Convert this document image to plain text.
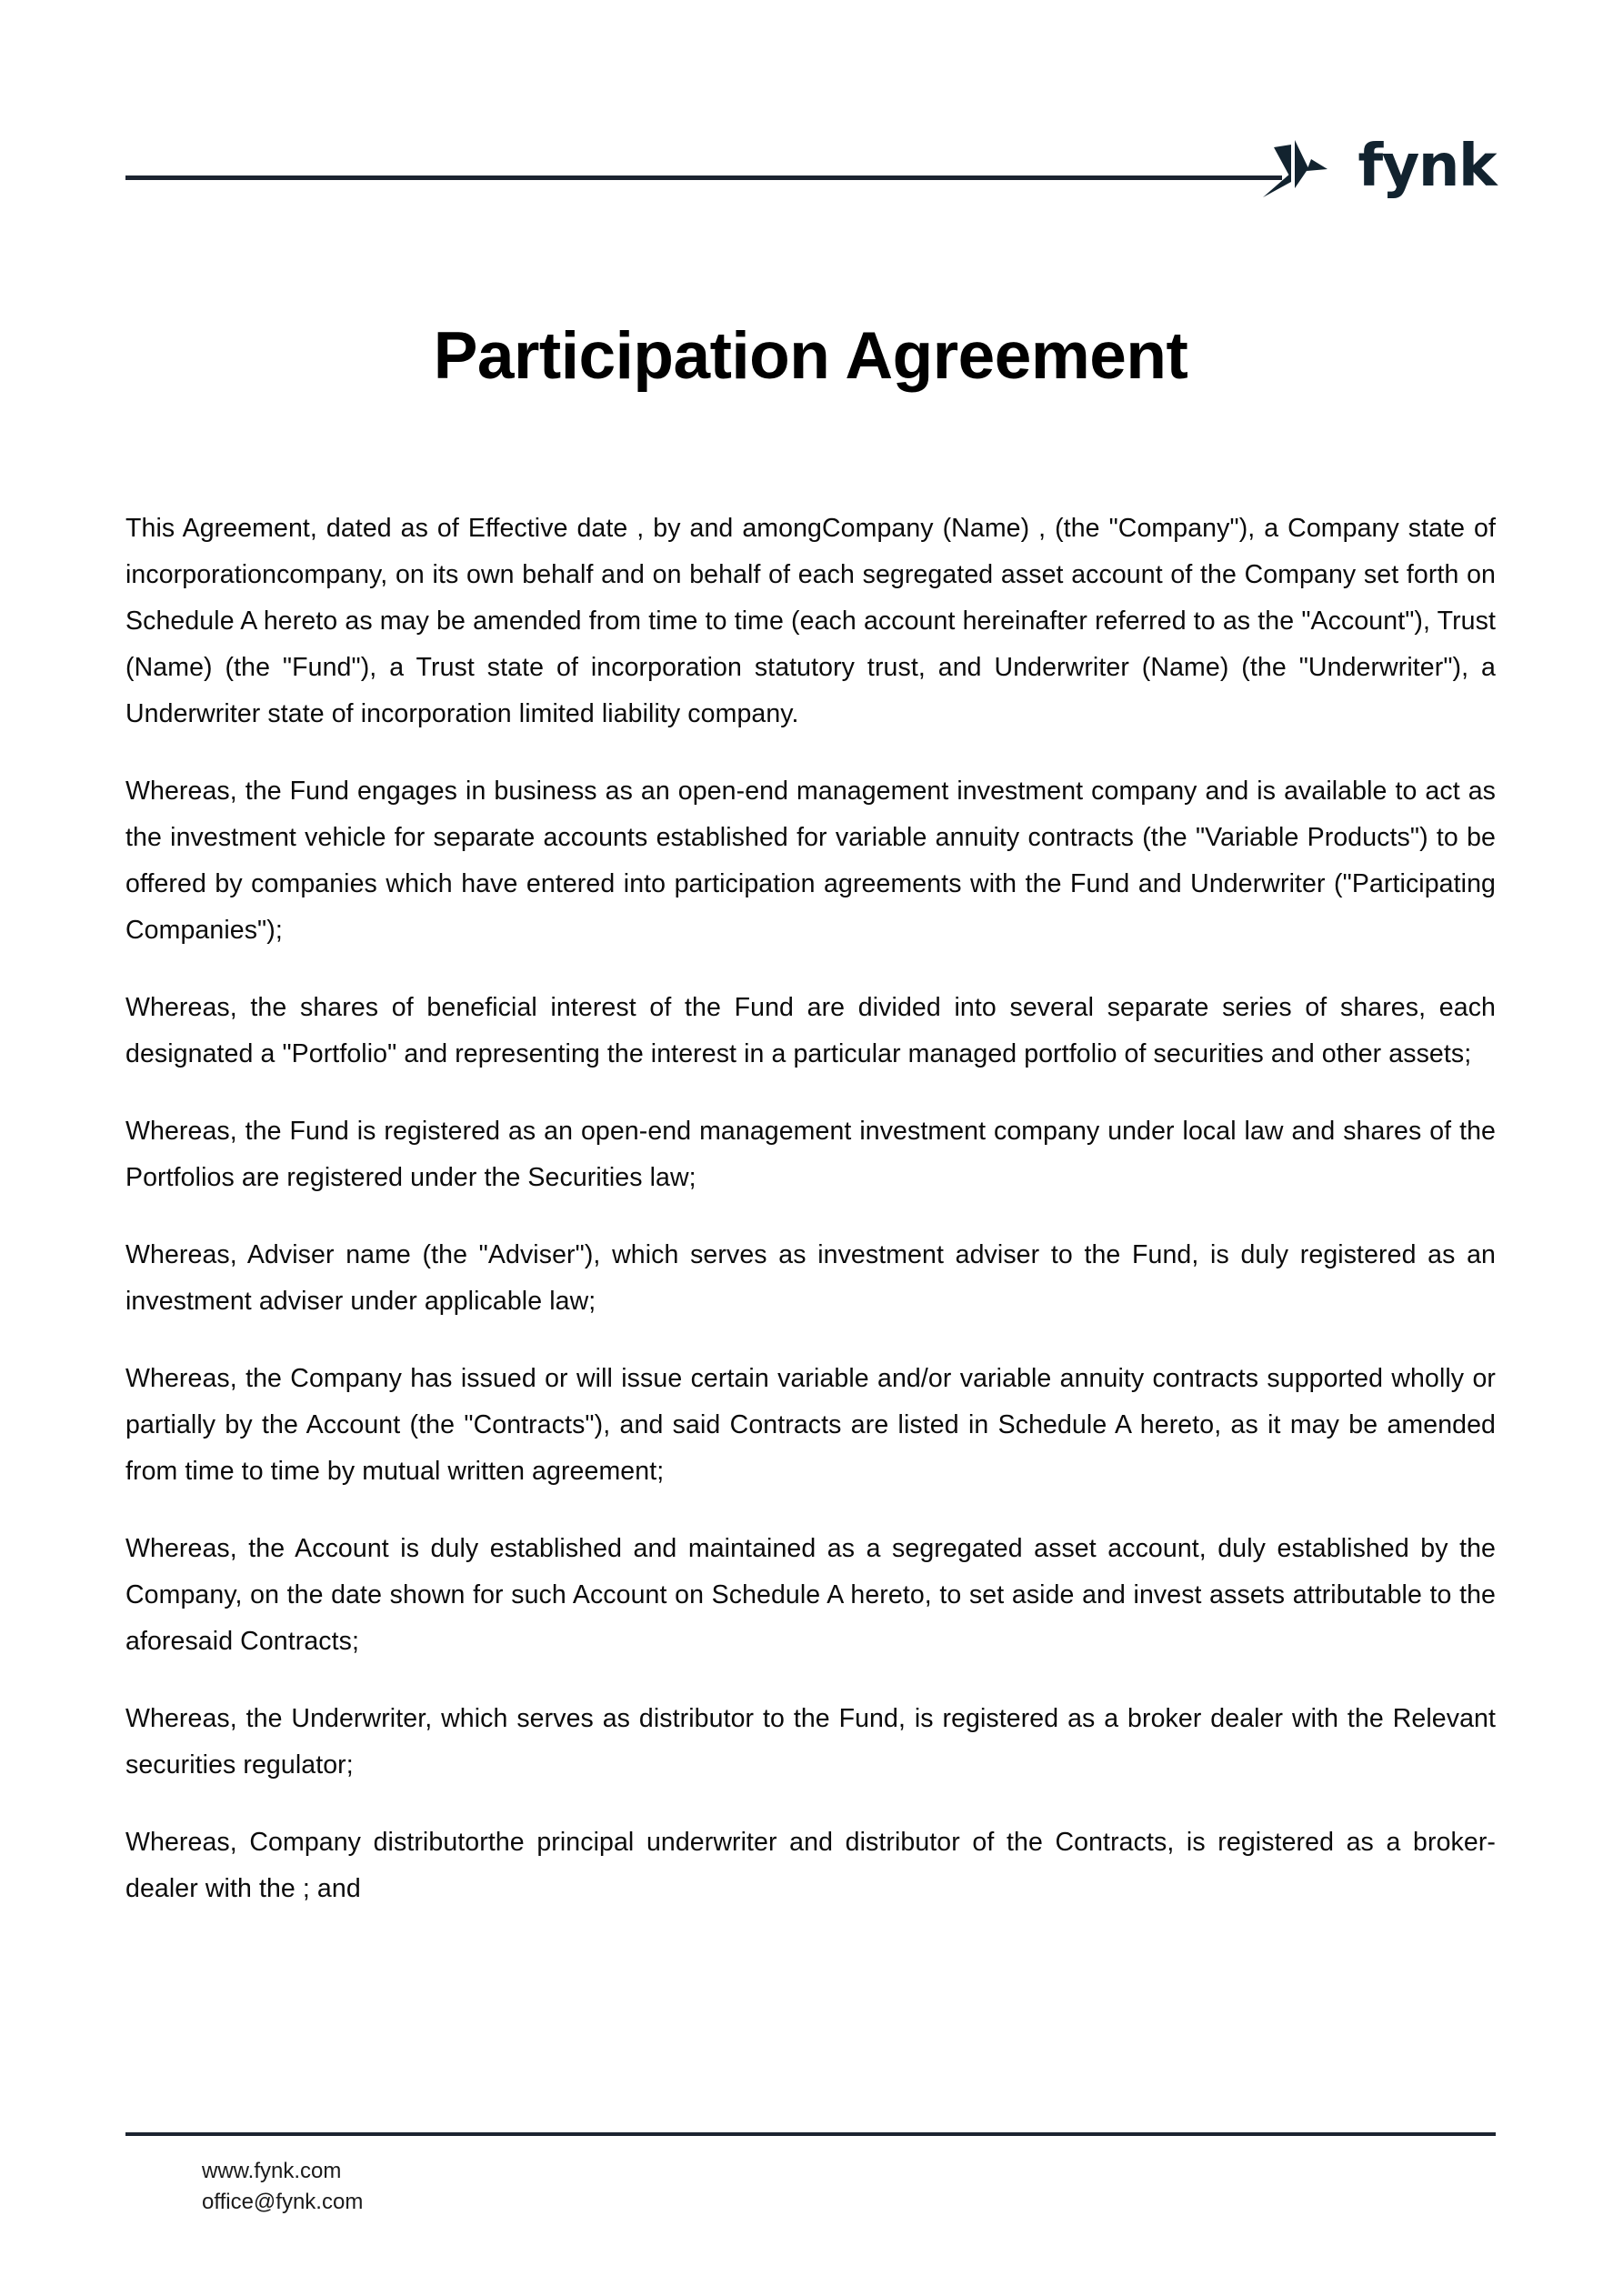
fynk
Participation Agreement

This Agreement, dated as of Effective date , by and amongCompany (Name) , (the "Company"), a Company state of incorporationcompany, on its own behalf and on behalf of each segregated asset account of the Company set forth on Schedule A hereto as may be amended from time to time (each account hereinafter referred to as the "Account"), Trust (Name) (the "Fund"), a Trust state of incorporation statutory trust, and Underwriter (Name) (the "Underwriter"), a Underwriter state of incorporation limited liability company.

Whereas, the Fund engages in business as an open-end management investment company and is available to act as the investment vehicle for separate accounts established for variable annuity contracts (the "Variable Products") to be offered by companies which have entered into participation agreements with the Fund and Underwriter ("Participating Companies");

Whereas, the shares of beneficial interest of the Fund are divided into several separate series of shares, each designated a "Portfolio" and representing the interest in a particular managed portfolio of securities and other assets;

Whereas, the Fund is registered as an open-end management investment company under local law and shares of the Portfolios are registered under the Securities law;

Whereas, Adviser name (the "Adviser"), which serves as investment adviser to the Fund, is duly registered as an investment adviser under applicable law;

Whereas, the Company has issued or will issue certain variable and/or variable annuity contracts supported wholly or partially by the Account (the "Contracts"), and said Contracts are listed in Schedule A hereto, as it may be amended from time to time by mutual written agreement;

Whereas, the Account is duly established and maintained as a segregated asset account, duly established by the Company, on the date shown for such Account on Schedule A hereto, to set aside and invest assets attributable to the aforesaid Contracts;

Whereas, the Underwriter, which serves as distributor to the Fund, is registered as a broker dealer with the Relevant securities regulator;

Whereas, Company distributorthe principal underwriter and distributor of the Contracts, is registered as a broker-dealer with the ; and

www.fynk.com
office@fynk.com
